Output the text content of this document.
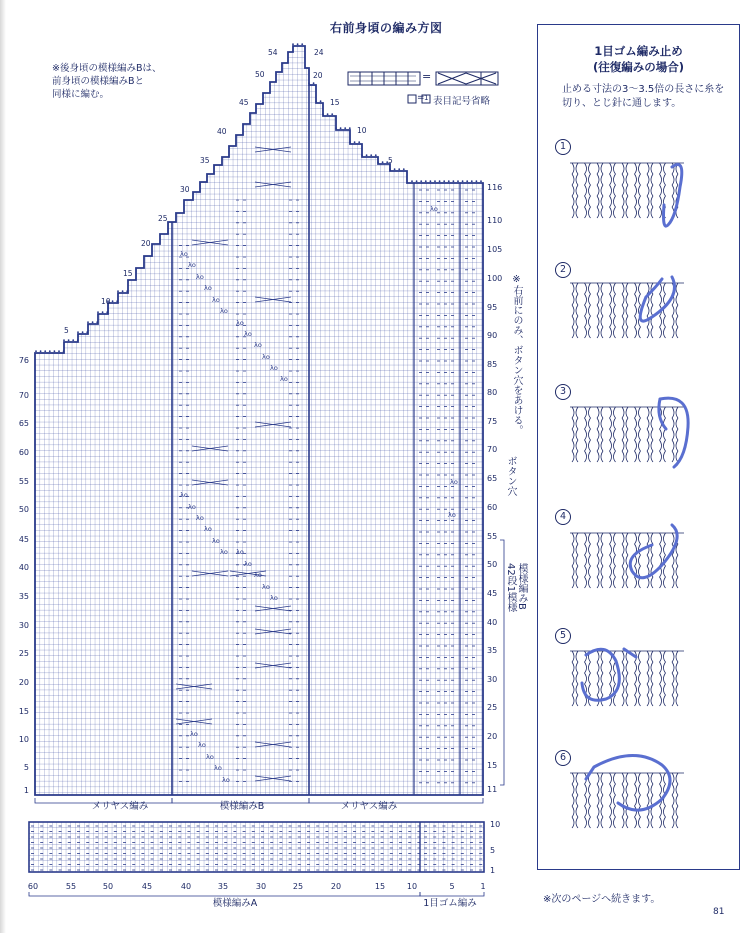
右前身頃の編み方図
※後身頃の模様編みBは、
前身頃の模様編みBと
同様に編む。
=
= 1 表目記号省略
λo
λo
λo
λo
λo
λo
λo
λo
λo
λo
λo
λo
λo
λo
λo
λo
λo
λo λo
λo
λo
λo
λo
λo
λo
λo
λo
λo
λo
λo
λo
76
70
65
60
55
50
45
40
35
30
25
20
15
10
5
1
116
110
105
100
95
90
85
80
75
70
65
60
55
50
45
40
35
30
25
20
15
11
10
5
1
60	55	50	45	40	35	30	25	20	15	10	5	1
54
50
45
40
35
30
25
20
15
10
5
24
20
15
10
5
※右前にのみ、ボタン穴をあける。
ボタン穴
模様編みB
42段1模様
メリヤス編み	模様編みB	メリヤス編み
模様編みA	1目ゴム編み
1目ゴム編み止め
(往復編みの場合)
止める寸法の3〜3.5倍の長さに糸を切り、とじ針に通します。
1
2
3
4
5
6
※次のページへ続きます。
81
